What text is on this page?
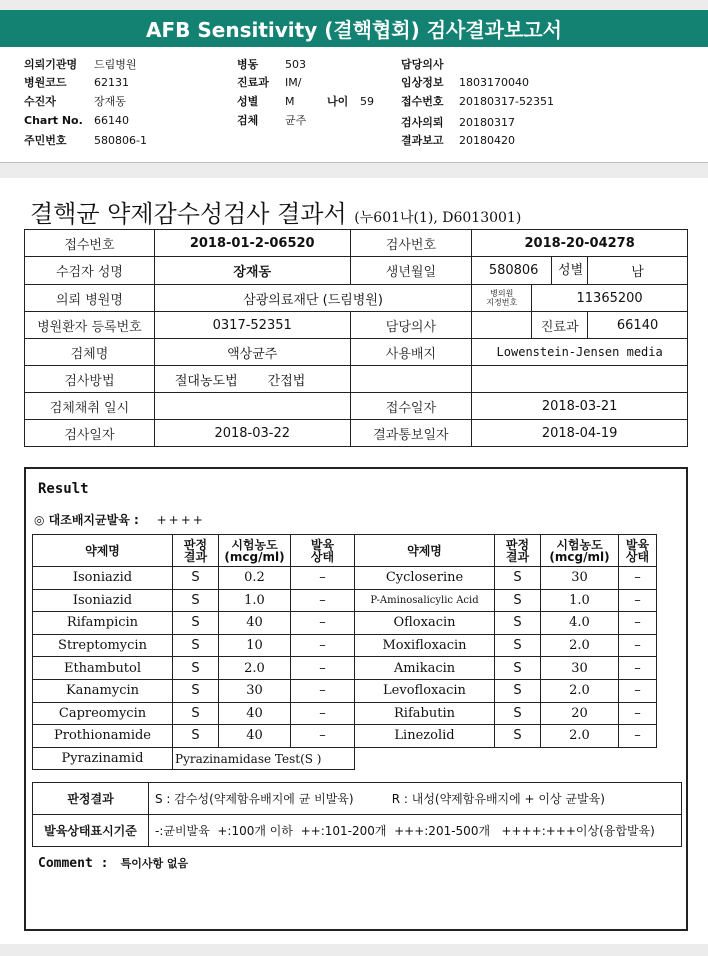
AFB Sensitivity (결핵협회) 검사결과보고서
의뢰기관명 드림병원
병원코드 62131
수진자	장재동
Chart No. 66140
주민번호 580806-1
병동 503
진료과 IM/
성별 M	나이 59
검체 균주
담당의사
임상정보 1803170040
접수번호 20180317-52351
검사의뢰 20180317
결과보고 20180420
결핵균 약제감수성검사 결과서 (누601나(1), D6013001)
접수번호	2018-01-2-06520	검사번호	2018-20-04278		
수검자 성명	장재동	생년월일	580806 성별		남
의뢰 병원명	삼광의료재단 (드림병원)		병의원
지정번호	11365200	
병원환자 등록번호	0317-52351	담당의사		진료과	66140
검체명	액상균주	사용배지	Lowenstein-Jensen media		
검사방법	절대농도법 간접법				
검체채취 일시		접수일자	2018-03-21		
검사일자	2018-03-22	결과통보일자	2018-04-19		
Result
◎ 대조배지균발육 : ++++
약제명	판정
결과	시험농도
(mcg/ml)	발육
상태	약제명	판정
결과	시험농도
(mcg/ml)	발육
상태
Isoniazid	S	0.2	–	Cycloserine	S	30	–
Isoniazid	S	1.0	–	P-Aminosalicylic Acid	S	1.0	–
Rifampicin	S	40	–	Ofloxacin	S	4.0	–
Streptomycin	S	10	–	Moxifloxacin	S	2.0	–
Ethambutol	S	2.0	–	Amikacin	S	30	–
Kanamycin	S	30	–	Levofloxacin	S	2.0	–
Capreomycin	S	40	–	Rifabutin	S	20	–
Prothionamide	S	40	–	Linezolid	S	2.0	–
Pyrazinamid	Pyrazinamidase Test(S )						
판정결과	S : 감수성(약제함유배지에 균 비발육)          R : 내성(약제함유배지에 + 이상 균발육)
발육상태표시기준	-:균비발육  +:100개 이하  ++:101-200개  +++:201-500개   ++++:+++이상(융합발육)
Comment : 특이사항 없음
